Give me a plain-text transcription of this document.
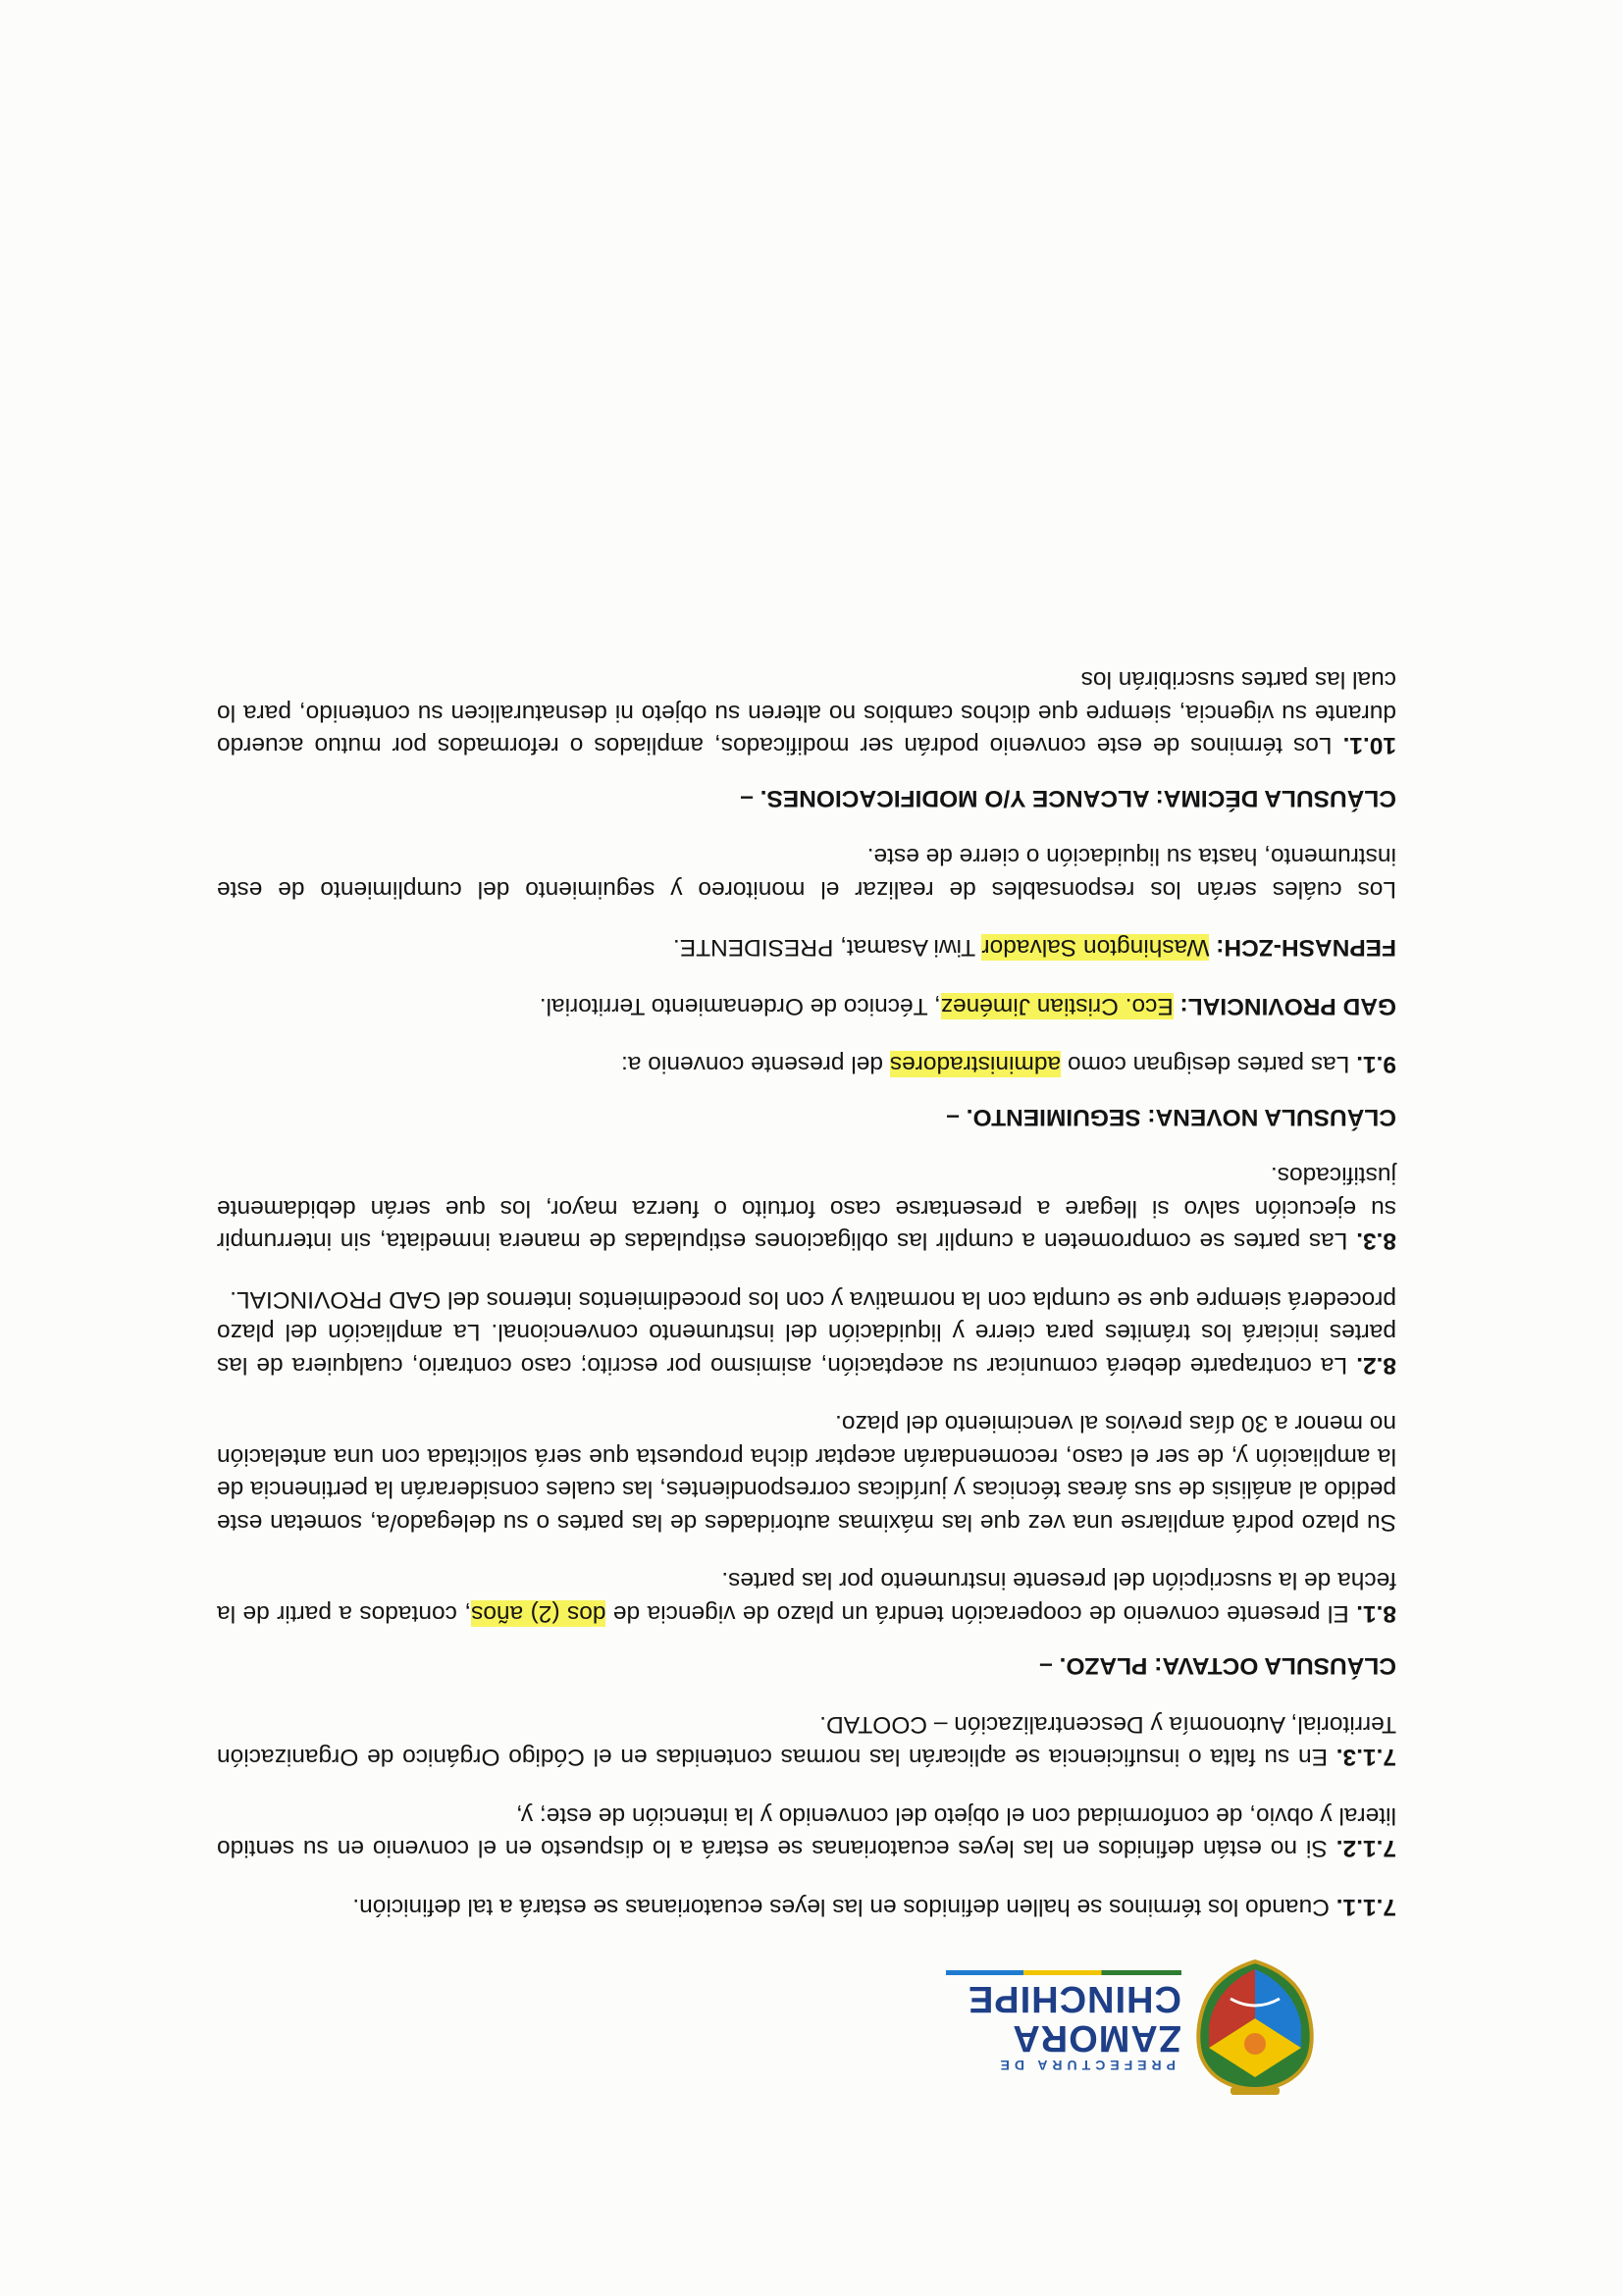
PREFECTURA DE
ZAMORA
CHINCHIPE

7.1.1. Cuando los términos se hallen definidos en las leyes ecuatorianas se estará a tal definición.

7.1.2. Si no están definidos en las leyes ecuatorianas se estará a lo dispuesto en el convenio en su sentido literal y obvio, de conformidad con el objeto del convenido y la intención de este; y,

7.1.3. En su falta o insuficiencia se aplicarán las normas contenidas en el Código Orgánico de Organización Territorial, Autonomía y Descentralización – COOTAD.

CLÁUSULA OCTAVA: PLAZO. –

8.1. El presente convenio de cooperación tendrá un plazo de vigencia de dos (2) años, contados a partir de la fecha de la suscripción del presente instrumento por las partes.

Su plazo podrá ampliarse una vez que las máximas autoridades de las partes o su delegado/a, sometan este pedido al análisis de sus áreas técnicas y jurídicas correspondientes, las cuales considerarán la pertinencia de la ampliación y, de ser el caso, recomendarán aceptar dicha propuesta que será solicitada con una antelación no menor a 30 días previos al vencimiento del plazo.

8.2. La contraparte deberá comunicar su aceptación, asimismo por escrito; caso contrario, cualquiera de las partes iniciará los trámites para cierre y liquidación del instrumento convencional. La ampliación del plazo procederá siempre que se cumpla con la normativa y con los procedimientos internos del GAD PROVINCIAL.

8.3. Las partes se comprometen a cumplir las obligaciones estipuladas de manera inmediata, sin interrumpir su ejecución salvo si llegare a presentarse caso fortuito o fuerza mayor, los que serán debidamente justificados.

CLÁUSULA NOVENA: SEGUIMIENTO. –

9.1. Las partes designan como administradores del presente convenio a:

GAD PROVINCIAL: Eco. Cristian Jiménez, Técnico de Ordenamiento Territorial.

FEPNASH-ZCH: Washington Salvador Tiwi Asamat, PRESIDENTE.

Los cuáles serán los responsables de realizar el monitoreo y seguimiento del cumplimiento de este instrumento, hasta su liquidación o cierre de este.

CLÁUSULA DÉCIMA: ALCANCE Y/O MODIFICACIONES. –

10.1. Los términos de este convenio podrán ser modificados, ampliados o reformados por mutuo acuerdo durante su vigencia, siempre que dichos cambios no alteren su objeto ni desnaturalicen su contenido, para lo cual las partes suscribirán los
